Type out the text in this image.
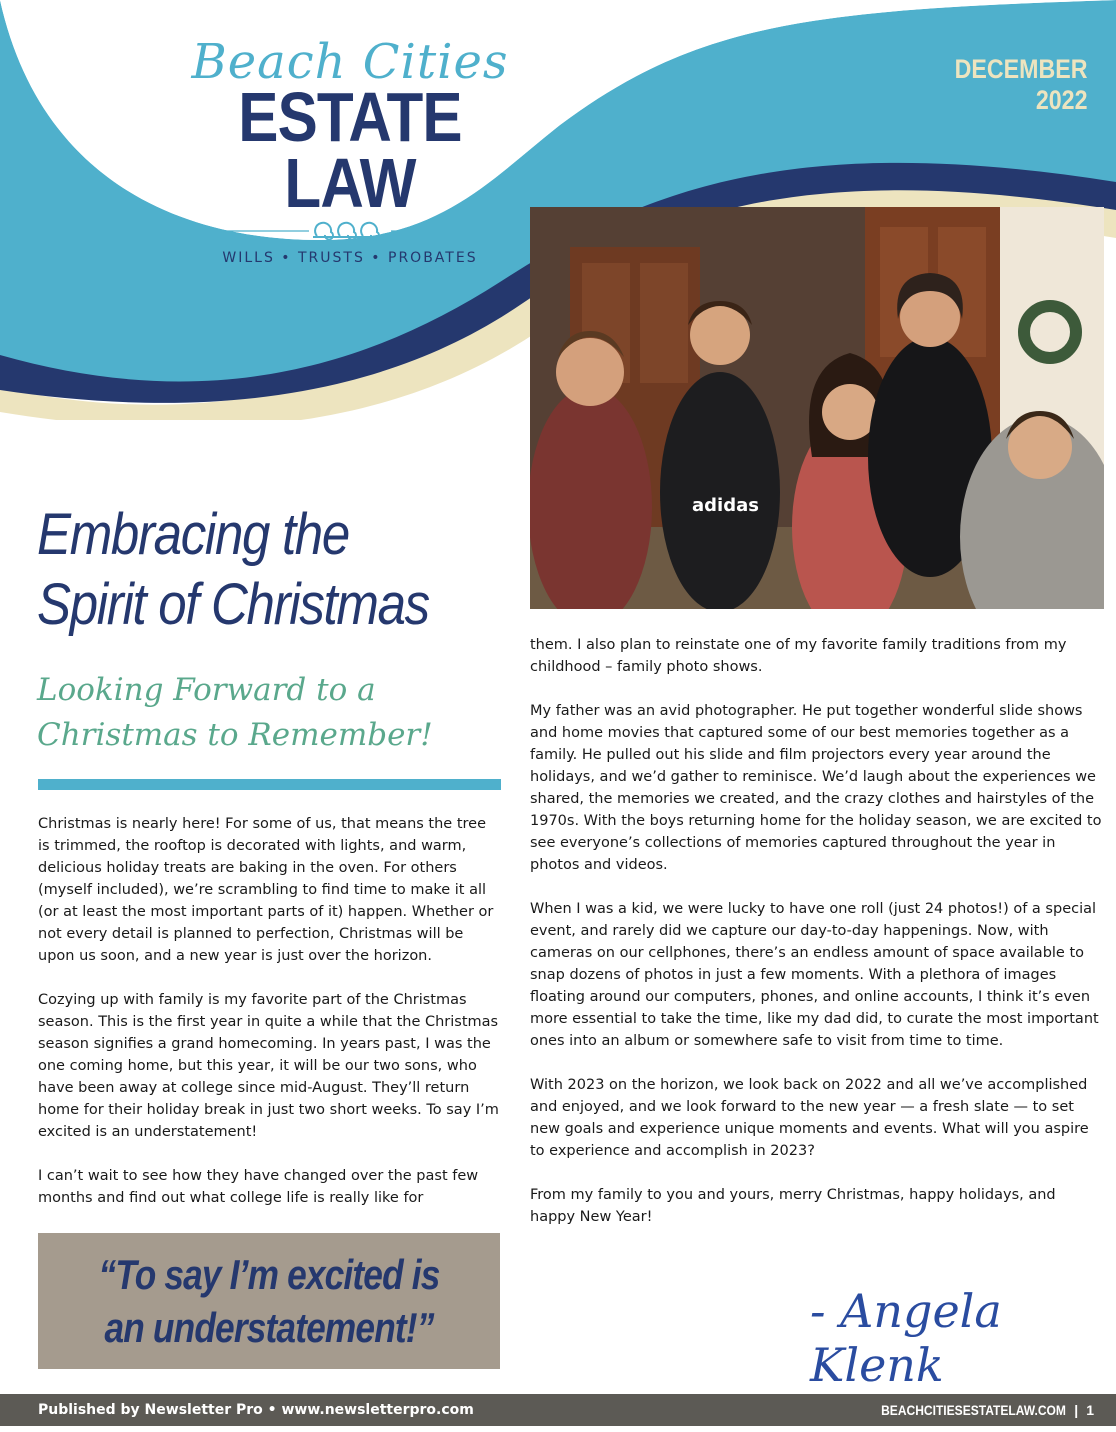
Beach Cities
ESTATE LAW
WILLS • TRUSTS • PROBATES
DECEMBER
2022
adidas
Embracing the Spirit of Christmas
Looking Forward to a Christmas to Remember!

Christmas is nearly here! For some of us, that means the tree is trimmed, the rooftop is decorated with lights, and warm, delicious holiday treats are baking in the oven. For others (myself included), we’re scrambling to find time to make it all (or at least the most important parts of it) happen. Whether or not every detail is planned to perfection, Christmas will be upon us soon, and a new year is just over the horizon.

Cozying up with family is my favorite part of the Christmas season. This is the first year in quite a while that the Christmas season signifies a grand homecoming. In years past, I was the one coming home, but this year, it will be our two sons, who have been away at college since mid-August. They’ll return home for their holiday break in just two short weeks. To say I’m excited is an understatement!

I can’t wait to see how they have changed over the past few months and find out what college life is really like for

“To say I’m excited is an understatement!”

them. I also plan to reinstate one of my favorite family traditions from my childhood – family photo shows.

My father was an avid photographer. He put together wonderful slide shows and home movies that captured some of our best memories together as a family. He pulled out his slide and film projectors every year around the holidays, and we’d gather to reminisce. We’d laugh about the experiences we shared, the memories we created, and the crazy clothes and hairstyles of the 1970s. With the boys returning home for the holiday season, we are excited to see everyone’s collections of memories captured throughout the year in photos and videos.

When I was a kid, we were lucky to have one roll (just 24 photos!) of a special event, and rarely did we capture our day-to-day happenings. Now, with cameras on our cellphones, there’s an endless amount of space available to snap dozens of photos in just a few moments. With a plethora of images floating around our computers, phones, and online accounts, I think it’s even more essential to take the time, like my dad did, to curate the most important ones into an album or somewhere safe to visit from time to time.

With 2023 on the horizon, we look back on 2022 and all we’ve accomplished and enjoyed, and we look forward to the new year — a fresh slate — to set new goals and experience unique moments and events. What will you aspire to experience and accomplish in 2023?

From my family to you and yours, merry Christmas, happy holidays, and happy New Year!

- Angela Klenk
Published by Newsletter Pro • www.newsletterpro.com	BEACHCITIESESTATELAW.COM | 1
